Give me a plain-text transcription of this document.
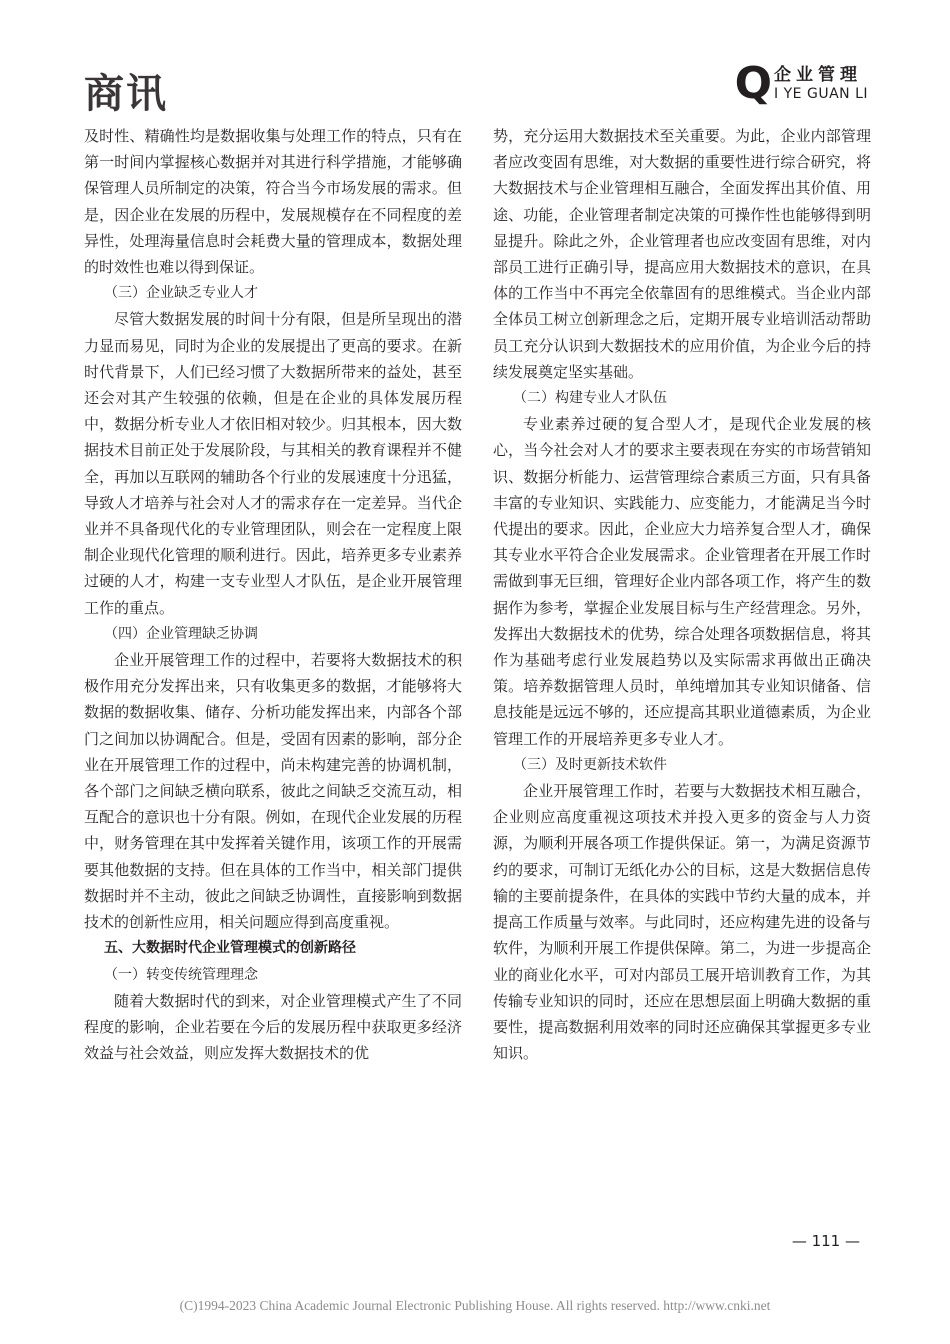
商讯	Q 企业管理
I YE GUAN LI

及时性、精确性均是数据收集与处理工作的特点，只有在第一时间内掌握核心数据并对其进行科学措施，才能够确保管理人员所制定的决策，符合当今市场发展的需求。但是，因企业在发展的历程中，发展规模存在不同程度的差异性，处理海量信息时会耗费大量的管理成本，数据处理的时效性也难以得到保证。

（三）企业缺乏专业人才

尽管大数据发展的时间十分有限，但是所呈现出的潜力显而易见，同时为企业的发展提出了更高的要求。在新时代背景下，人们已经习惯了大数据所带来的益处，甚至还会对其产生较强的依赖，但是在企业的具体发展历程中，数据分析专业人才依旧相对较少。归其根本，因大数据技术目前正处于发展阶段，与其相关的教育课程并不健全，再加以互联网的辅助各个行业的发展速度十分迅猛，导致人才培养与社会对人才的需求存在一定差异。当代企业并不具备现代化的专业管理团队，则会在一定程度上限制企业现代化管理的顺利进行。因此，培养更多专业素养过硬的人才，构建一支专业型人才队伍，是企业开展管理工作的重点。

（四）企业管理缺乏协调

企业开展管理工作的过程中，若要将大数据技术的积极作用充分发挥出来，只有收集更多的数据，才能够将大数据的数据收集、储存、分析功能发挥出来，内部各个部门之间加以协调配合。但是，受固有因素的影响，部分企业在开展管理工作的过程中，尚未构建完善的协调机制，各个部门之间缺乏横向联系，彼此之间缺乏交流互动，相互配合的意识也十分有限。例如，在现代企业发展的历程中，财务管理在其中发挥着关键作用，该项工作的开展需要其他数据的支持。但在具体的工作当中，相关部门提供数据时并不主动，彼此之间缺乏协调性，直接影响到数据技术的创新性应用，相关问题应得到高度重视。

五、大数据时代企业管理模式的创新路径

（一）转变传统管理理念

随着大数据时代的到来，对企业管理模式产生了不同程度的影响，企业若要在今后的发展历程中获取更多经济效益与社会效益，则应发挥大数据技术的优

势，充分运用大数据技术至关重要。为此，企业内部管理者应改变固有思维，对大数据的重要性进行综合研究，将大数据技术与企业管理相互融合，全面发挥出其价值、用途、功能，企业管理者制定决策的可操作性也能够得到明显提升。除此之外，企业管理者也应改变固有思维，对内部员工进行正确引导，提高应用大数据技术的意识，在具体的工作当中不再完全依靠固有的思维模式。当企业内部全体员工树立创新理念之后，定期开展专业培训活动帮助员工充分认识到大数据技术的应用价值，为企业今后的持续发展奠定坚实基础。

（二）构建专业人才队伍

专业素养过硬的复合型人才，是现代企业发展的核心，当今社会对人才的要求主要表现在夯实的市场营销知识、数据分析能力、运营管理综合素质三方面，只有具备丰富的专业知识、实践能力、应变能力，才能满足当今时代提出的要求。因此，企业应大力培养复合型人才，确保其专业水平符合企业发展需求。企业管理者在开展工作时需做到事无巨细，管理好企业内部各项工作，将产生的数据作为参考，掌握企业发展目标与生产经营理念。另外，发挥出大数据技术的优势，综合处理各项数据信息，将其作为基础考虑行业发展趋势以及实际需求再做出正确决策。培养数据管理人员时，单纯增加其专业知识储备、信息技能是远远不够的，还应提高其职业道德素质，为企业管理工作的开展培养更多专业人才。

（三）及时更新技术软件

企业开展管理工作时，若要与大数据技术相互融合，企业则应高度重视这项技术并投入更多的资金与人力资源，为顺利开展各项工作提供保证。第一，为满足资源节约的要求，可制订无纸化办公的目标，这是大数据信息传输的主要前提条件，在具体的实践中节约大量的成本，并提高工作质量与效率。与此同时，还应构建先进的设备与软件，为顺利开展工作提供保障。第二，为进一步提高企业的商业化水平，可对内部员工展开培训教育工作，为其传输专业知识的同时，还应在思想层面上明确大数据的重要性，提高数据利用效率的同时还应确保其掌握更多专业知识。

— 111 —
(C)1994-2023 China Academic Journal Electronic Publishing House. All rights reserved. http://www.cnki.net
